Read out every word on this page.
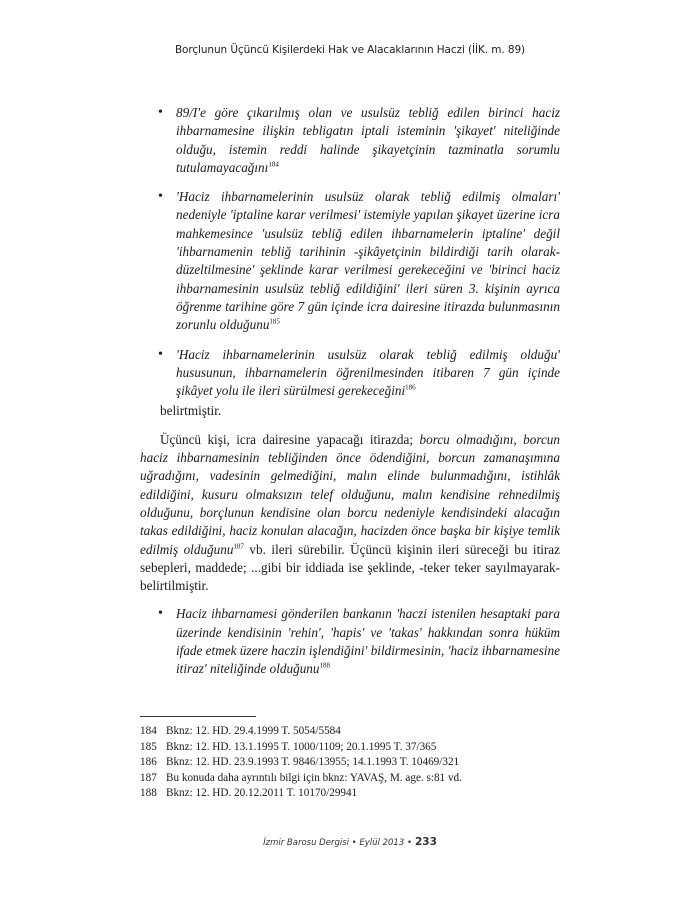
Borçlunun Üçüncü Kişilerdeki Hak ve Alacaklarının Haczi (İİK. m. 89)
• 89/I'e göre çıkarılmış olan ve usulsüz tebliğ edilen birinci haciz ihbarnamesine ilişkin tebligatın iptali isteminin 'şikayet' niteliğinde olduğu, istemin reddi halinde şikayetçinin tazminatla sorumlu tutulamayacağını$^{184}$
• 'Haciz ihbarnamelerinin usulsüz olarak tebliğ edilmiş olmaları' nedeniyle 'iptaline karar verilmesi' istemiyle yapılan şikayet üzerine icra mahkemesince 'usulsüz tebliğ edilen ihbarnamelerin iptaline' değil 'ihbarnamenin tebliğ tarihinin -şikâyetçinin bildirdiği tarih olarak- düzeltilmesine' şeklinde karar verilmesi gerekeceğini ve 'birinci haciz ihbarnamesinin usulsüz tebliğ edildiğini' ileri süren 3. kişinin ayrıca öğrenme tarihine göre 7 gün içinde icra dairesine itirazda bulunmasının zorunlu olduğunu$^{185}$
• 'Haciz ihbarnamelerinin usulsüz olarak tebliğ edilmiş olduğu' hususunun, ihbarnamelerin öğrenilmesinden itibaren 7 gün içinde şikâyet yolu ile ileri sürülmesi gerekeceğini$^{186}$
belirtmiştir.

Üçüncü kişi, icra dairesine yapacağı itirazda; borcu olmadığını, borcun haciz ihbarnamesinin tebliğinden önce ödendiğini, borcun zamanaşımına uğradığını, vadesinin gelmediğini, malın elinde bulunmadığını, istihlâk edildiğini, kusuru olmaksızın telef olduğunu, malın kendisine rehnedilmiş olduğunu, borçlunun kendisine olan borcu nedeniyle kendisindeki alacağın takas edildiğini, haciz konulan alacağın, hacizden önce başka bir kişiye temlik edilmiş olduğunu$^{187}$ vb. ileri sürebilir. Üçüncü kişinin ileri süreceği bu itiraz sebepleri, maddede; ...gibi bir iddiada ise şeklinde, -teker teker sayılmayarak- belirtilmiştir.

• Haciz ihbarnamesi gönderilen bankanın 'haczi istenilen hesaptaki para üzerinde kendisinin 'rehin', 'hapis' ve 'takas' hakkından sonra hüküm ifade etmek üzere haczin işlendiğini' bildirmesinin, 'haciz ihbarnamesine itiraz' niteliğinde olduğunu$^{188}$
184 Bknz: 12. HD. 29.4.1999 T. 5054/5584
185 Bknz: 12. HD. 13.1.1995 T. 1000/1109; 20.1.1995 T. 37/365
186 Bknz: 12. HD. 23.9.1993 T. 9846/13955; 14.1.1993 T. 10469/321
187 Bu konuda daha ayrıntılı bilgi için bknz: YAVAŞ, M. age. s:81 vd.
188 Bknz: 12. HD. 20.12.2011 T. 10170/29941
İzmir Barosu Dergisi • Eylül 2013 • 233
